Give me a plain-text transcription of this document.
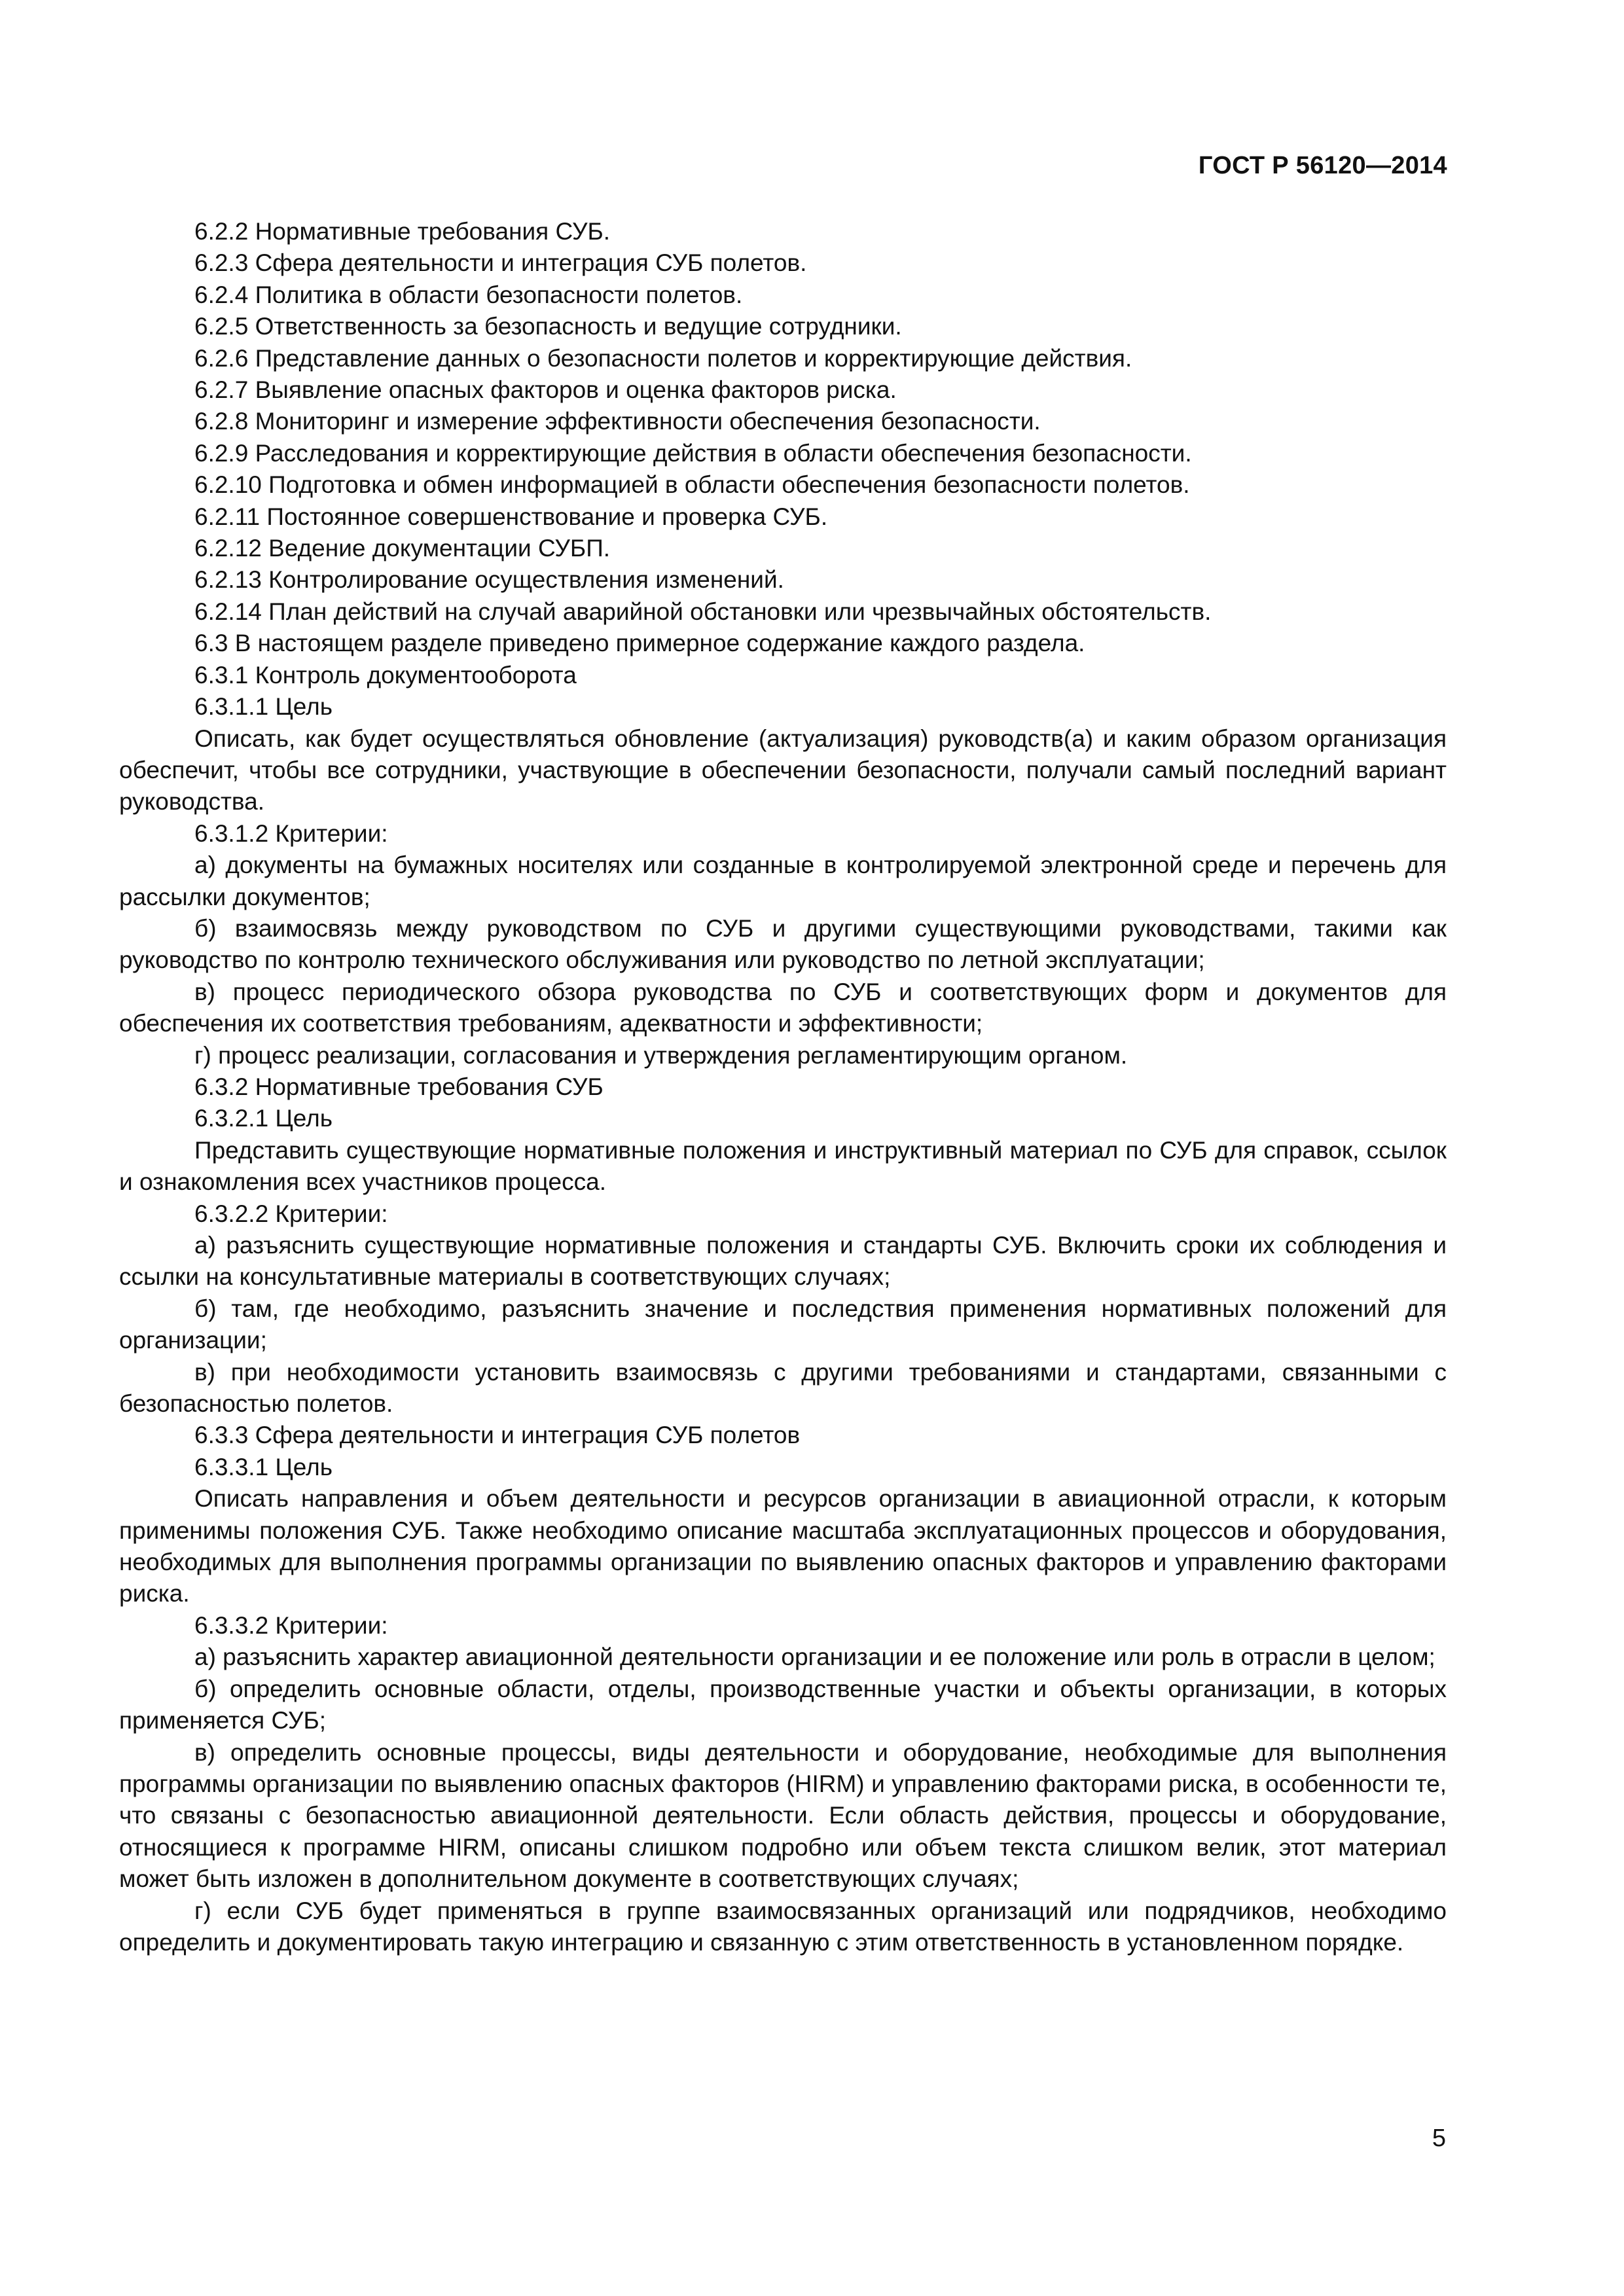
ГОСТ Р 56120—2014

6.2.2 Нормативные требования СУБ.

6.2.3 Сфера деятельности и интеграция СУБ полетов.

6.2.4 Политика в области безопасности полетов.

6.2.5 Ответственность за безопасность и ведущие сотрудники.

6.2.6 Представление данных о безопасности полетов и корректирующие действия.

6.2.7 Выявление опасных факторов и оценка факторов риска.

6.2.8 Мониторинг и измерение эффективности обеспечения безопасности.

6.2.9 Расследования и корректирующие действия в области обеспечения безопасности.

6.2.10 Подготовка и обмен информацией в области обеспечения безопасности полетов.

6.2.11 Постоянное совершенствование и проверка СУБ.

6.2.12 Ведение документации СУБП.

6.2.13 Контролирование осуществления изменений.

6.2.14 План действий на случай аварийной обстановки или чрезвычайных обстоятельств.

6.3 В настоящем разделе приведено примерное содержание каждого раздела.

6.3.1 Контроль документооборота

6.3.1.1 Цель

Описать, как будет осуществляться обновление (актуализация) руководств(а) и каким образом организация обеспечит, чтобы все сотрудники, участвующие в обеспечении безопасности, получали самый последний вариант руководства.

6.3.1.2 Критерии:

а) документы на бумажных носителях или созданные в контролируемой электронной среде и перечень для рассылки документов;

б) взаимосвязь между руководством по СУБ и другими существующими руководствами, такими как руководство по контролю технического обслуживания или руководство по летной эксплуатации;

в) процесс периодического обзора руководства по СУБ и соответствующих форм и документов для обеспечения их соответствия требованиям, адекватности и эффективности;

г) процесс реализации, согласования и утверждения регламентирующим органом.

6.3.2 Нормативные требования СУБ

6.3.2.1 Цель

Представить существующие нормативные положения и инструктивный материал по СУБ для справок, ссылок и ознакомления всех участников процесса.

6.3.2.2 Критерии:

а) разъяснить существующие нормативные положения и стандарты СУБ. Включить сроки их соблюдения и ссылки на консультативные материалы в соответствующих случаях;

б) там, где необходимо, разъяснить значение и последствия применения нормативных положений для организации;

в) при необходимости установить взаимосвязь с другими требованиями и стандартами, связанными с безопасностью полетов.

6.3.3 Сфера деятельности и интеграция СУБ полетов

6.3.3.1 Цель

Описать направления и объем деятельности и ресурсов организации в авиационной отрасли, к которым применимы положения СУБ. Также необходимо описание масштаба эксплуатационных процессов и оборудования, необходимых для выполнения программы организации по выявлению опасных факторов и управлению факторами риска.

6.3.3.2 Критерии:

а) разъяснить характер авиационной деятельности организации и ее положение или роль в отрасли в целом;

б) определить основные области, отделы, производственные участки и объекты организации, в которых применяется СУБ;

в) определить основные процессы, виды деятельности и оборудование, необходимые для выполнения программы организации по выявлению опасных факторов (HIRM) и управлению факторами риска, в особенности те, что связаны с безопасностью авиационной деятельности. Если область действия, процессы и оборудование, относящиеся к программе HIRM, описаны слишком подробно или объем текста слишком велик, этот материал может быть изложен в дополнительном документе в соответствующих случаях;

г) если СУБ будет применяться в группе взаимосвязанных организаций или подрядчиков, необходимо определить и документировать такую интеграцию и связанную с этим ответственность в установленном порядке.

5
